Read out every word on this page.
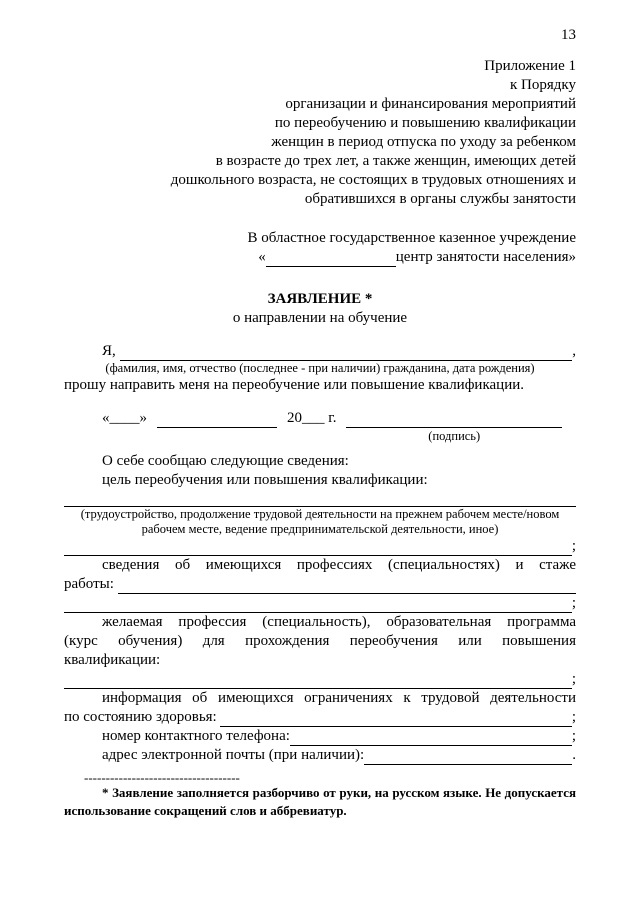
13
Приложение 1
к Порядку
организации и финансирования мероприятий
по переобучению и повышению квалификации
женщин в период отпуска по уходу за ребенком
в возрасте до трех лет, а также женщин, имеющих детей
дошкольного возраста, не состоящих в трудовых отношениях и
обратившихся в органы службы занятости
В областное государственное казенное учреждение
«	центр занятости населения»
ЗАЯВЛЕНИЕ *
о направлении на обучение
Я,	,
(фамилия, имя, отчество (последнее - при наличии) гражданина, дата рождения)
прошу направить меня на переобучение или повышение квалификации.
«____»	20___ г.
(подпись)
О себе сообщаю следующие сведения:
цель переобучения или повышения квалификации:
(трудоустройство, продолжение трудовой деятельности на прежнем рабочем месте/новом
рабочем месте, ведение предпринимательской деятельности, иное)
;
сведения об имеющихся профессиях (специальностях) и стаже
работы:
;
желаемая профессия (специальность), образовательная программа
(курс обучения) для прохождения переобучения или повышения
квалификации:
;
информация об имеющихся ограничениях к трудовой деятельности
по состоянию здоровья:	;
номер контактного телефона:	;
адрес электронной почты (при наличии):	.
------------------------------------
* Заявление заполняется разборчиво от руки, на русском языке. Не допускается
использование сокращений слов и аббревиатур.
